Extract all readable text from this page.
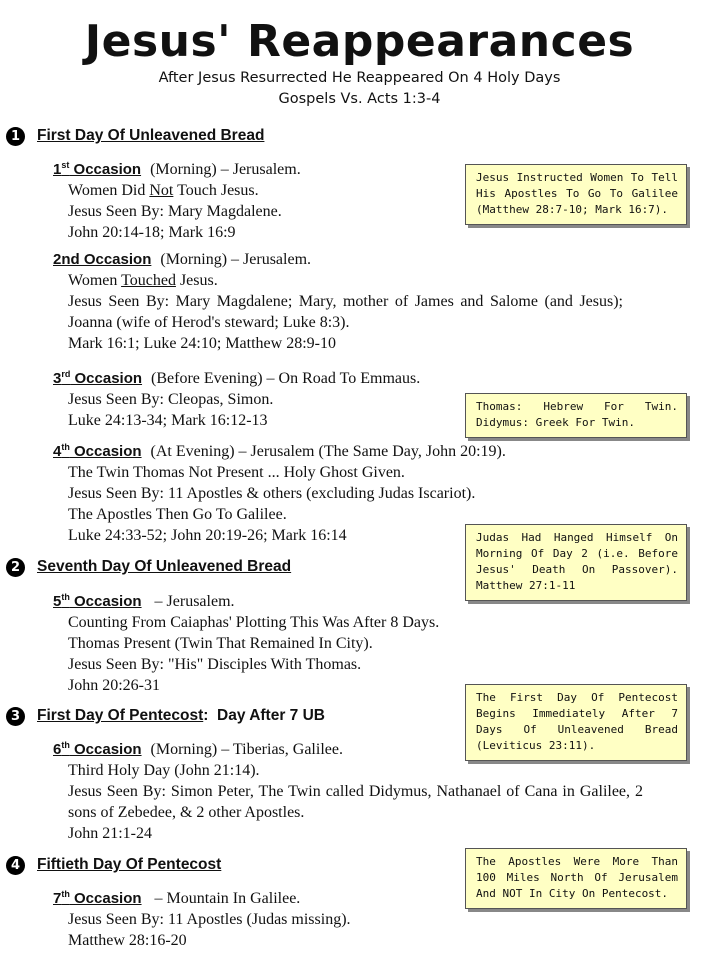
Jesus' Reappearances
After Jesus Resurrected He Reappeared On 4 Holy Days
Gospels Vs. Acts 1:3-4
1	First Day Of Unleavened Bread
1st Occasion (Morning) – Jerusalem.
Women Did Not Touch Jesus.
Jesus Seen By: Mary Magdalene.
John 20:14-18; Mark 16:9
2nd Occasion (Morning) – Jerusalem.
Women Touched Jesus.
Jesus Seen By: Mary Magdalene; Mary, mother of James and Salome (and Jesus); Joanna (wife of Herod's steward; Luke 8:3).
Mark 16:1; Luke 24:10; Matthew 28:9-10
3rd Occasion (Before Evening) – On Road To Emmaus.
Jesus Seen By: Cleopas, Simon.
Luke 24:13-34; Mark 16:12-13
4th Occasion (At Evening) – Jerusalem (The Same Day, John 20:19).
The Twin Thomas Not Present ... Holy Ghost Given.
Jesus Seen By: 11 Apostles & others (excluding Judas Iscariot).
The Apostles Then Go To Galilee.
Luke 24:33-52; John 20:19-26; Mark 16:14
2	Seventh Day Of Unleavened Bread
5th Occasion – Jerusalem.
Counting From Caiaphas' Plotting This Was After 8 Days.
Thomas Present (Twin That Remained In City).
Jesus Seen By: "His" Disciples With Thomas.
John 20:26-31
3	First Day Of Pentecost:  Day After 7 UB
6th Occasion (Morning) – Tiberias, Galilee.
Third Holy Day (John 21:14).
Jesus Seen By: Simon Peter, The Twin called Didymus, Nathanael of Cana in Galilee, 2 sons of Zebedee, & 2 other Apostles.
John 21:1-24
4	Fiftieth Day Of Pentecost
7th Occasion – Mountain In Galilee.
Jesus Seen By: 11 Apostles (Judas missing).
Matthew 28:16-20
Jesus Instructed Women To Tell His Apostles To Go To Galilee (Matthew 28:7-10; Mark 16:7).
Thomas: Hebrew For Twin. Didymus: Greek For Twin.
Judas Had Hanged Himself On Morning Of Day 2 (i.e. Before Jesus' Death On Passover). Matthew 27:1-11
The First Day Of Pentecost Begins Immediately After 7 Days Of Unleavened Bread (Leviticus 23:11).
The Apostles Were More Than 100 Miles North Of Jerusalem And NOT In City On Pentecost.
